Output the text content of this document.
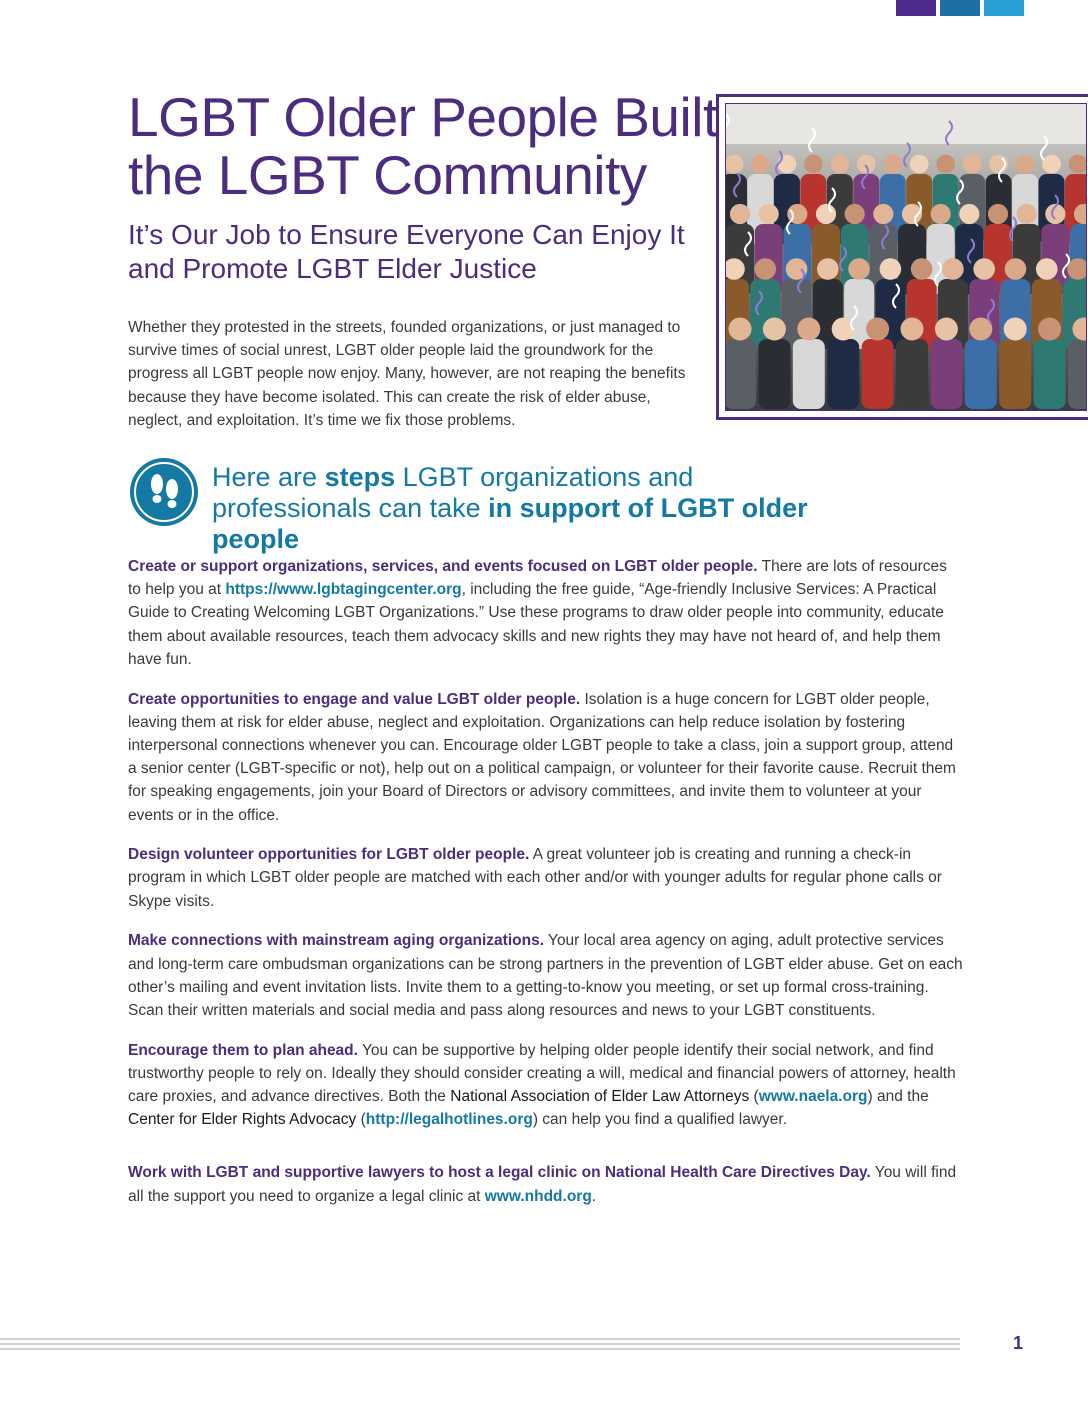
LGBT Older People Built the LGBT Community
It’s Our Job to Ensure Everyone Can Enjoy It and Promote LGBT Elder Justice

Whether they protested in the streets, founded organizations, or just managed to survive times of social unrest, LGBT older people laid the groundwork for the progress all LGBT people now enjoy. Many, however, are not reaping the benefits because they have become isolated. This can create the risk of elder abuse, neglect, and exploitation. It’s time we fix those problems.

Here are steps LGBT organizations and professionals can take in support of LGBT older people

Create or support organizations, services, and events focused on LGBT older people. There are lots of resources to help you at https://www.lgbtagingcenter.org, including the free guide, “Age-friendly Inclusive Services: A Practical Guide to Creating Welcoming LGBT Organizations.” Use these programs to draw older people into community, educate them about available resources, teach them advocacy skills and new rights they may have not heard of, and help them have fun.

Create opportunities to engage and value LGBT older people. Isolation is a huge concern for LGBT older people, leaving them at risk for elder abuse, neglect and exploitation. Organizations can help reduce isolation by fostering interpersonal connections whenever you can. Encourage older LGBT people to take a class, join a support group, attend a senior center (LGBT-specific or not), help out on a political campaign, or volunteer for their favorite cause. Recruit them for speaking engagements, join your Board of Directors or advisory committees, and invite them to volunteer at your events or in the office.

Design volunteer opportunities for LGBT older people. A great volunteer job is creating and running a check-in program in which LGBT older people are matched with each other and/or with younger adults for regular phone calls or Skype visits.

Make connections with mainstream aging organizations. Your local area agency on aging, adult protective services and long-term care ombudsman organizations can be strong partners in the prevention of LGBT elder abuse. Get on each other’s mailing and event invitation lists. Invite them to a getting-to-know you meeting, or set up formal cross-training. Scan their written materials and social media and pass along resources and news to your LGBT constituents.

Encourage them to plan ahead. You can be supportive by helping older people identify their social network, and find trustworthy people to rely on. Ideally they should consider creating a will, medical and financial powers of attorney, health care proxies, and advance directives. Both the National Association of Elder Law Attorneys (www.naela.org) and the Center for Elder Rights Advocacy (http://legalhotlines.org) can help you find a qualified lawyer.

Work with LGBT and supportive lawyers to host a legal clinic on National Health Care Directives Day. You will find all the support you need to organize a legal clinic at www.nhdd.org.

1
